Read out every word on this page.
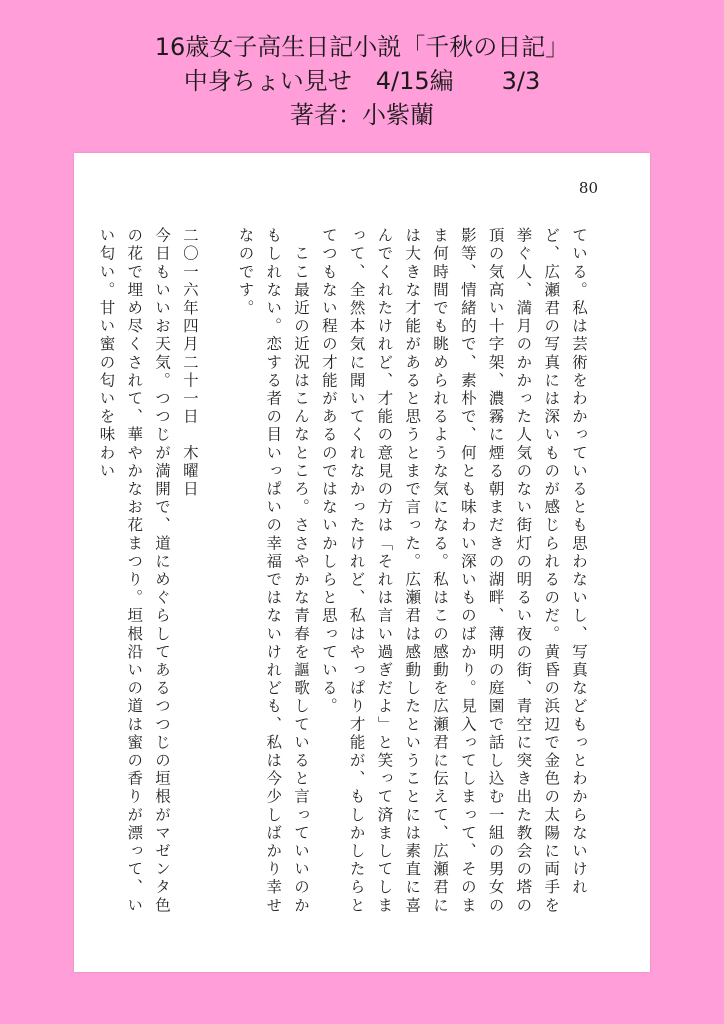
16歳女子高生日記小説「千秋の日記」
中身ちょい見せ　4/15編　　3/3
著者：小紫蘭
80

ている。私は芸術をわかっているとも思わないし、写真などもっとわからないけれど、広瀬君の写真には深いものが感じられるのだ。黄昏の浜辺で金色の太陽に両手を挙ぐ人、満月のかかった人気のない街灯の明るい夜の街、青空に突き出た教会の塔の頂の気高い十字架、濃霧に煙る朝まだきの湖畔、薄明の庭園で話し込む一組の男女の影等、情緒的で、素朴で、何とも味わい深いものばかり。見入ってしまって、そのまま何時間でも眺められるような気になる。私はこの感動を広瀬君に伝えて、広瀬君には大きな才能があると思うとまで言った。広瀬君は感動したということには素直に喜んでくれたけれど、才能の意見の方は「それは言い過ぎだよ」と笑って済ましてしまって、全然本気に聞いてくれなかったけれど、私はやっぱり才能が、もしかしたらとてつもない程の才能があるのではないかしらと思っている。

　ここ最近の近況はこんなところ。ささやかな青春を謳歌していると言っていいのかもしれない。恋する者の目いっぱいの幸福ではないけれども、私は今少しばかり幸せなのです。

二〇一六年四月二十一日　木曜日

今日もいいお天気。つつじが満開で、道にめぐらしてあるつつじの垣根がマゼンタ色の花で埋め尽くされて、華やかなお花まつり。垣根沿いの道は蜜の香りが漂って、いい匂い。甘い蜜の匂いを味わい
